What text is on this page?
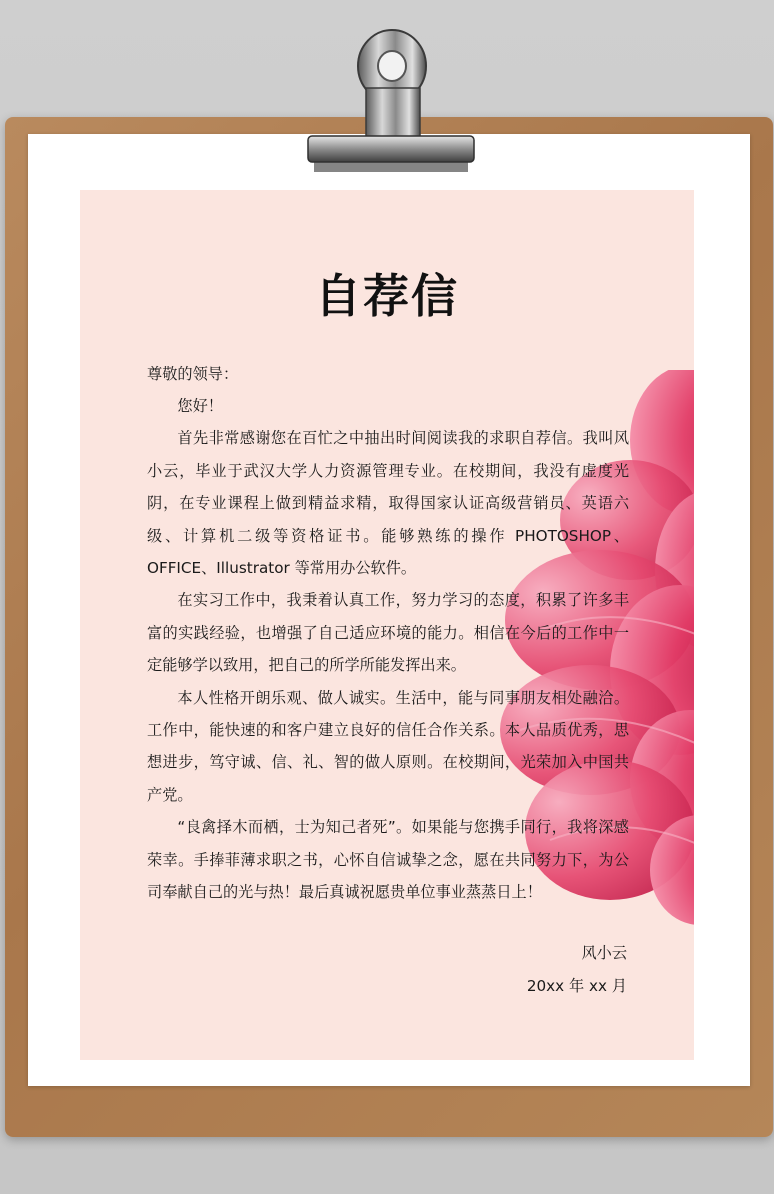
自荐信
尊敬的领导：

您好！

首先非常感谢您在百忙之中抽出时间阅读我的求职自荐信。我叫风小云，毕业于武汉大学人力资源管理专业。在校期间，我没有虚度光阴，在专业课程上做到精益求精，取得国家认证高级营销员、英语六级、计算机二级等资格证书。能够熟练的操作 PHOTOSHOP、OFFICE、Illustrator 等常用办公软件。

在实习工作中，我秉着认真工作，努力学习的态度，积累了许多丰富的实践经验，也增强了自己适应环境的能力。相信在今后的工作中一定能够学以致用，把自己的所学所能发挥出来。

本人性格开朗乐观、做人诚实。生活中，能与同事朋友相处融洽。工作中，能快速的和客户建立良好的信任合作关系。本人品质优秀，思想进步，笃守诚、信、礼、智的做人原则。在校期间，光荣加入中国共产党。

“良禽择木而栖，士为知己者死”。如果能与您携手同行，我将深感荣幸。手捧菲薄求职之书，心怀自信诚挚之念，愿在共同努力下，为公司奉献自己的光与热！最后真诚祝愿贵单位事业蒸蒸日上！

风小云
20xx 年 xx 月
